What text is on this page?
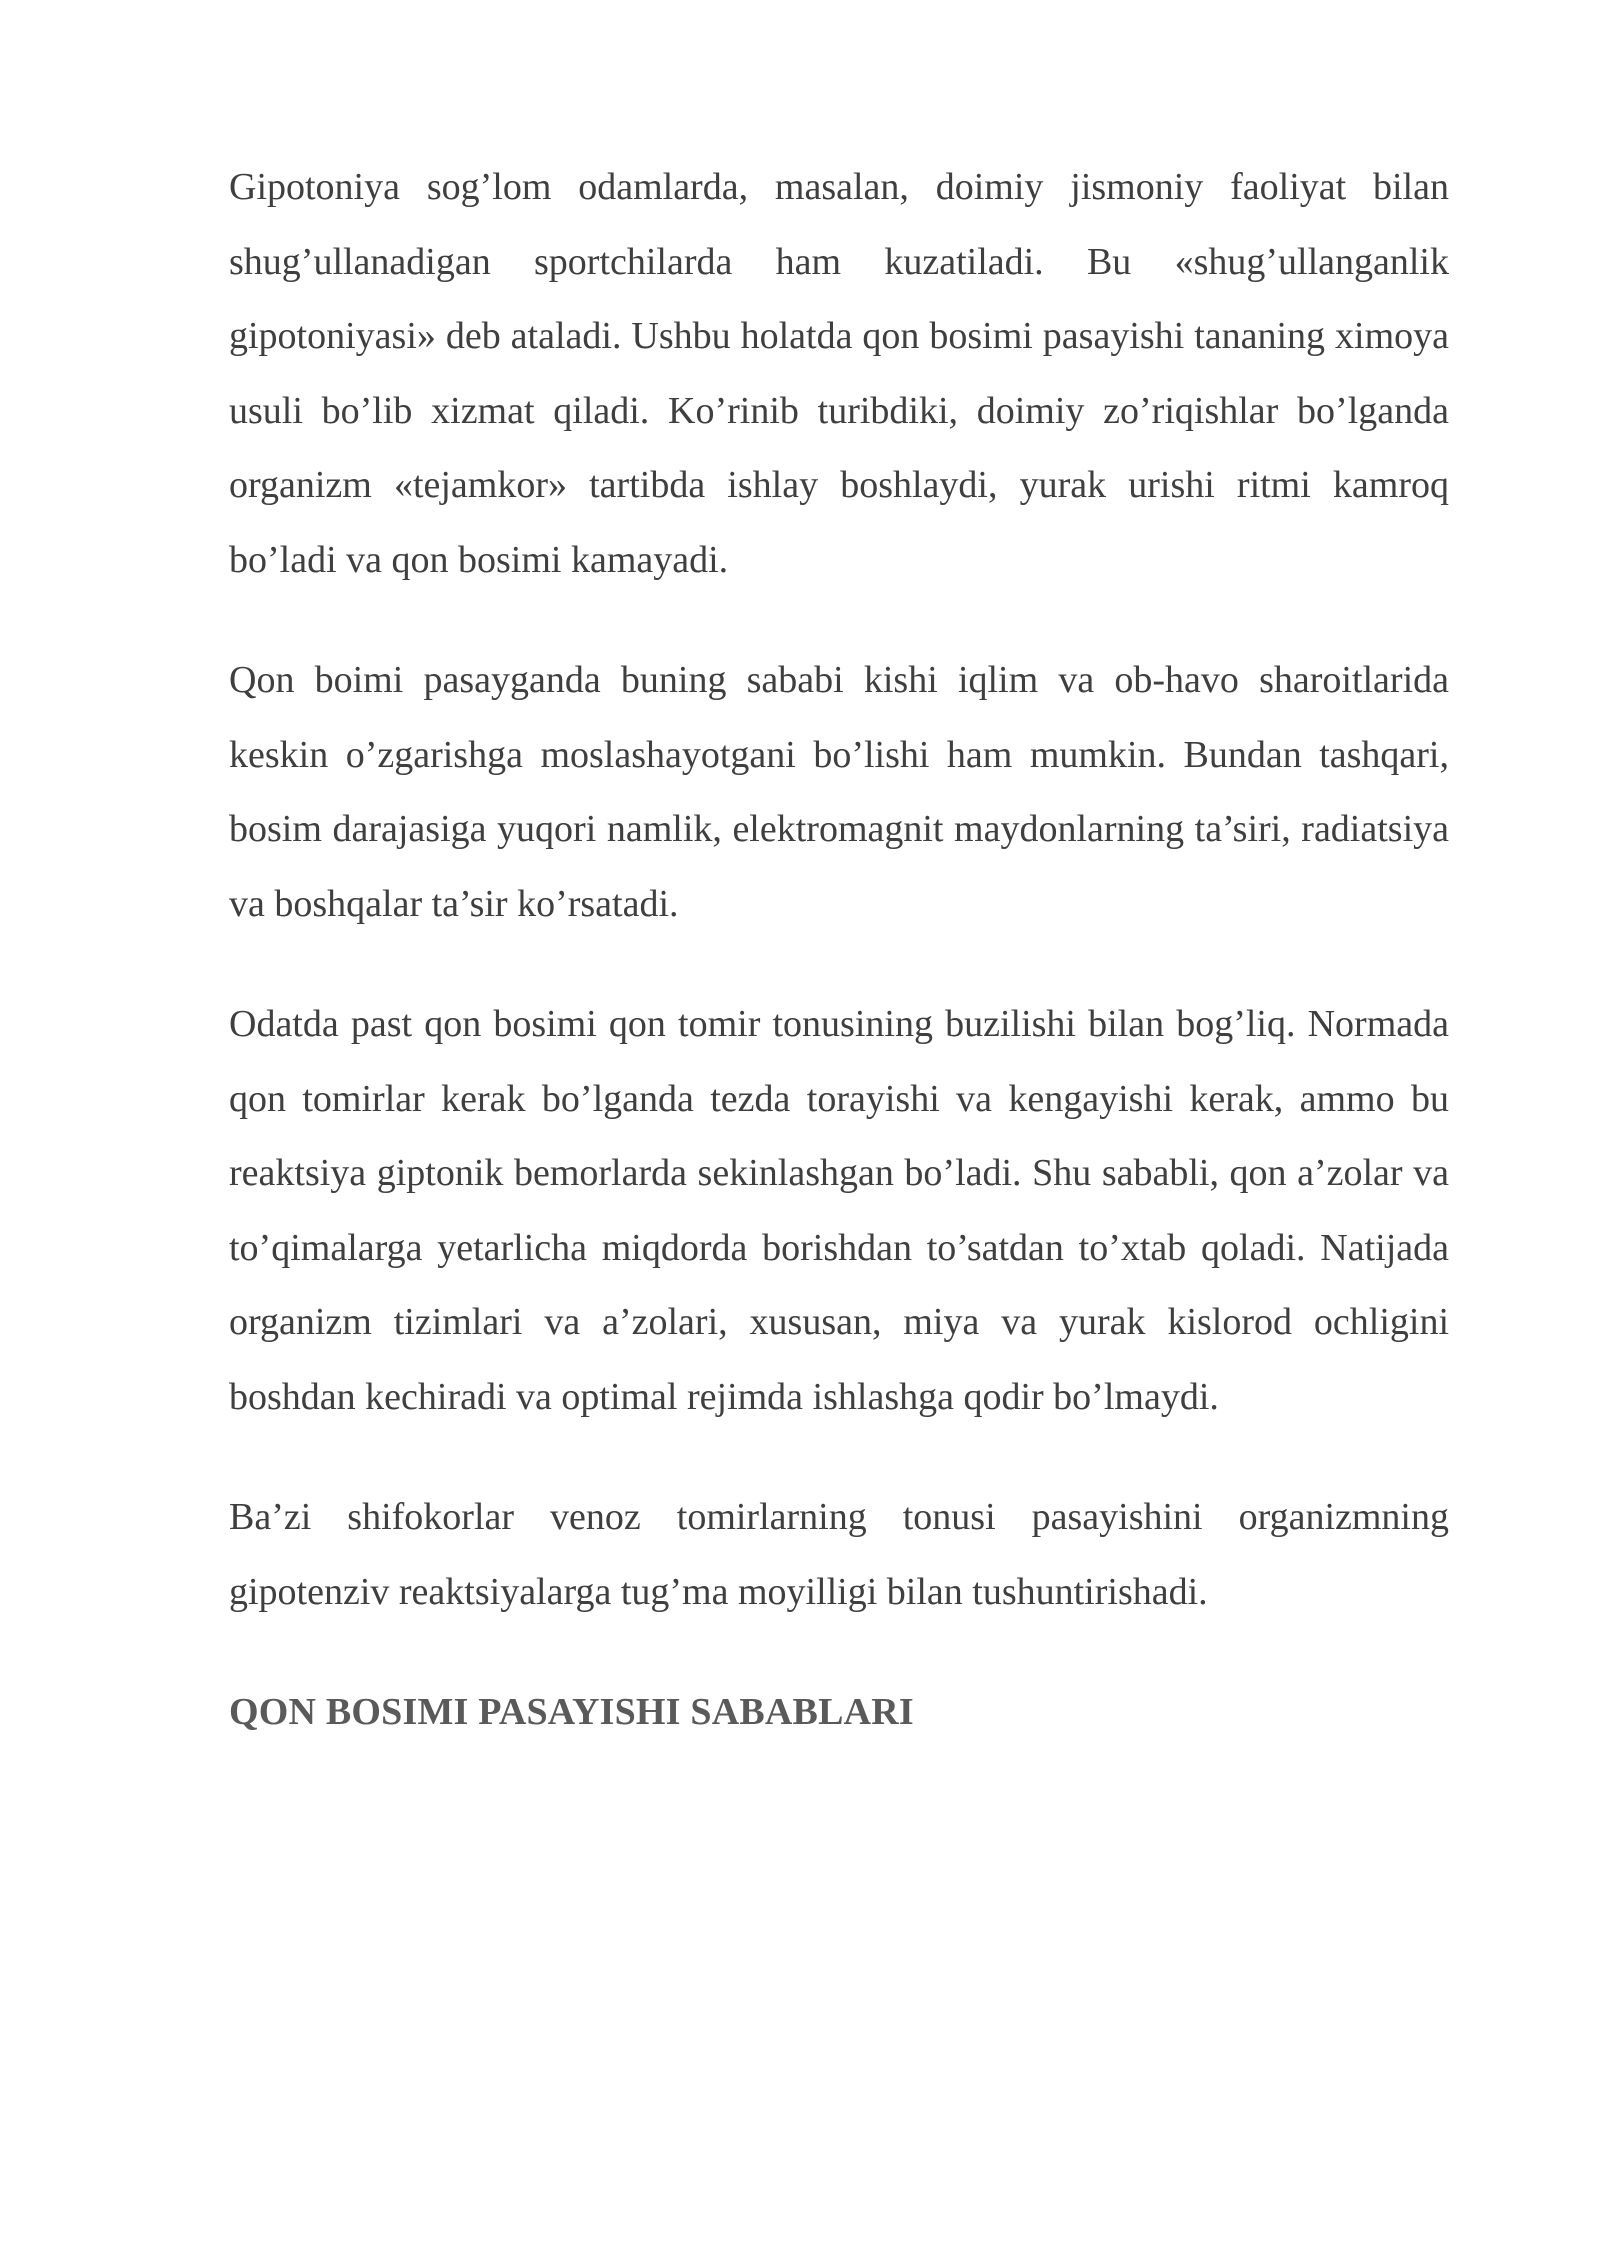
Gipotoniya sog’lom odamlarda, masalan, doimiy jismoniy faoliyat bilan shug’ullanadigan sportchilarda ham kuzatiladi. Bu «shug’ullanganlik gipotoniyasi» deb ataladi. Ushbu holatda qon bosimi pasayishi tananing ximoya usuli bo’lib xizmat qiladi. Ko’rinib turibdiki, doimiy zo’riqishlar bo’lganda organizm «tejamkor» tartibda ishlay boshlaydi, yurak urishi ritmi kamroq bo’ladi va qon bosimi kamayadi.

Qon boimi pasayganda buning sababi kishi iqlim va ob-havo sharoitlarida keskin o’zgarishga moslashayotgani bo’lishi ham mumkin. Bundan tashqari, bosim darajasiga yuqori namlik, elektromagnit maydonlarning ta’siri, radiatsiya va boshqalar ta’sir ko’rsatadi.

Odatda past qon bosimi qon tomir tonusining buzilishi bilan bog’liq. Normada qon tomirlar kerak bo’lganda tezda torayishi va kengayishi kerak, ammo bu reaktsiya giptonik bemorlarda sekinlashgan bo’ladi. Shu sababli, qon a’zolar va to’qimalarga yetarlicha miqdorda borishdan to’satdan to’xtab qoladi. Natijada organizm tizimlari va a’zolari, xususan, miya va yurak kislorod ochligini boshdan kechiradi va optimal rejimda ishlashga qodir bo’lmaydi.

Ba’zi shifokorlar venoz tomirlarning tonusi pasayishini organizmning gipotenziv reaktsiyalarga tug’ma moyilligi bilan tushuntirishadi.

QON BOSIMI PASAYISHI SABABLARI
